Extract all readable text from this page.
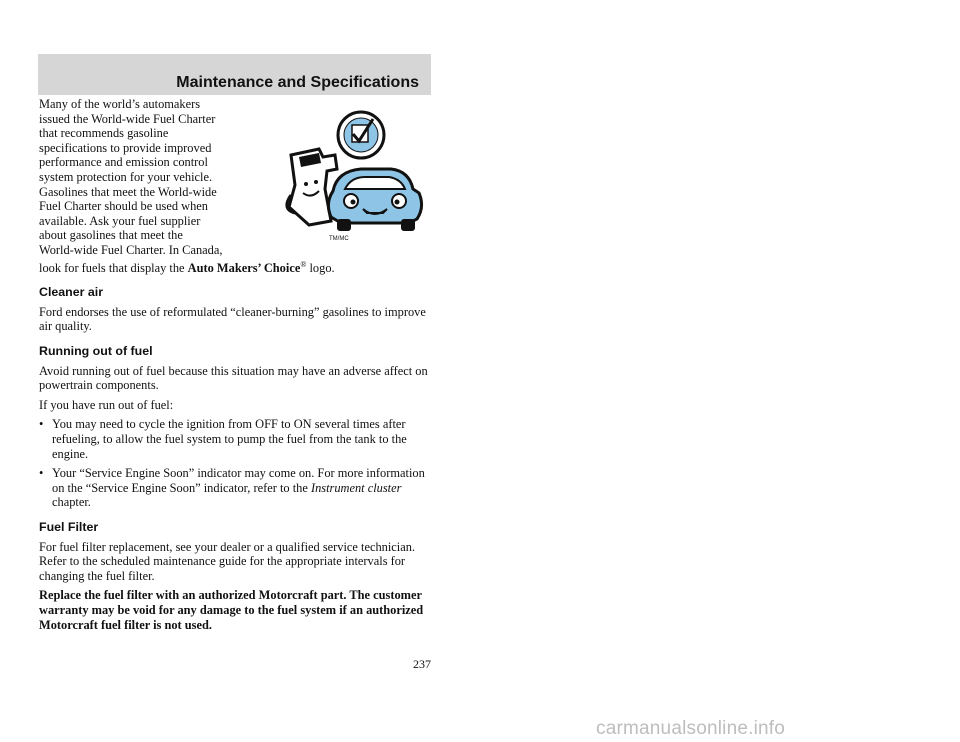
Maintenance and Specifications
Many of the world’s automakers
issued the World-wide Fuel Charter
that recommends gasoline
specifications to provide improved
performance and emission control
system protection for your vehicle.
Gasolines that meet the World-wide
Fuel Charter should be used when
available. Ask your fuel supplier
about gasolines that meet the
World-wide Fuel Charter. In Canada,
look for fuels that display the Auto Makers’ Choice® logo.
TM/MC
Cleaner air

Ford endorses the use of reformulated “cleaner-burning” gasolines to improve air quality.

Running out of fuel

Avoid running out of fuel because this situation may have an adverse affect on powertrain components.

If you have run out of fuel:

• You may need to cycle the ignition from OFF to ON several times after refueling, to allow the fuel system to pump the fuel from the tank to the engine.
• Your “Service Engine Soon” indicator may come on. For more information on the “Service Engine Soon” indicator, refer to the Instrument cluster chapter.
Fuel Filter

For fuel filter replacement, see your dealer or a qualified service technician. Refer to the scheduled maintenance guide for the appropriate intervals for changing the fuel filter.

Replace the fuel filter with an authorized Motorcraft part. The customer warranty may be void for any damage to the fuel system if an authorized Motorcraft fuel filter is not used.

237
carmanualsonline.info
